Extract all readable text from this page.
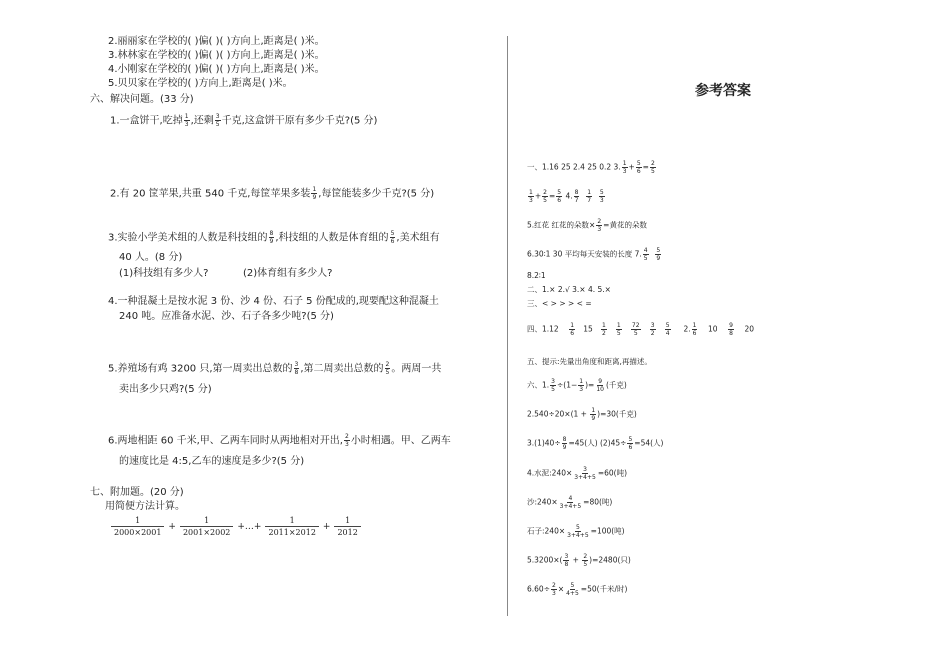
2.丽丽家在学校的( )偏( )( )方向上,距离是( )米。
3.林林家在学校的( )偏( )( )方向上,距离是( )米。
4.小刚家在学校的( )偏( )( )方向上,距离是( )米。
5.贝贝家在学校的( )方向上,距离是( )米。
六、解决问题。(33 分)
1.一盒饼干,吃掉 $\frac{1}{3}$ ,还剩 $\frac{3}{5}$ 千克,这盒饼干原有多少千克?(5 分)
2.有 20 筐苹果,共重 540 千克,每筐苹果多装 $\frac{1}{9}$ ,每筐能装多少千克?(5 分)
3.实验小学美术组的人数是科技组的 $\frac{8}{9}$ ,科技组的人数是体育组的 $\frac{5}{6}$ ,美术组有
40 人。(8 分)
(1)科技组有多少人?	(2)体育组有多少人?
4.一种混凝土是按水泥 3 份、沙 4 份、石子 5 份配成的,现要配这种混凝土
240 吨。应准备水泥、沙、石子各多少吨?(5 分)
5.养殖场有鸡 3200 只,第一周卖出总数的 $\frac{3}{8}$ ,第二周卖出总数的 $\frac{2}{5}$ 。两周一共
卖出多少只鸡?(5 分)
6.两地相距 60 千米,甲、乙两车同时从两地相对开出, $\frac{2}{3}$ 小时相遇。甲、乙两车
的速度比是 4:5,乙车的速度是多少?(5 分)
七、附加题。(20 分)
用简便方法计算。
$\frac{1}{2000\times 2001} + \frac{1}{2001\times 2002}$ +…+ $\frac{1}{2011\times 2012} + \frac{1}{2012}$
参考答案
一、1.16 25 2.4 25 0.2 3. $\frac{1}{3} + \frac{5}{6} = \frac{2}{5}$
$\frac{1}{3} + \frac{2}{5} = \frac{5}{6} 4$. $\frac{8}{7}$
$\frac{1}{7}$
$\frac{5}{3}$
5.红花 红花的朵数× $\frac{2}{3}$ =黄花的朵数
6.30∶1 30 平均每天安装的长度 7. $\frac{4}{5}$
$\frac{5}{9}$
8.2∶1
二、1.× 2.√ 3.× 4. 5.×
三、< > > > < =
四、$1.12 \frac{1}{6} 15 \frac{1}{2}$
$\frac{1}{5}$
$\frac{72}{5}$
$\frac{3}{2}$
$\frac{5}{4} 2$. $\frac{1}{6} 10 \frac{9}{8} 20$
五、提示:先量出角度和距离,再描述。
六、1. $\frac{3}{5} \div(1- \frac{1}{3}$ )= $\frac{9}{10}$ (千克)
$2.540\div 20\times(1 + \frac{1}{9} )=30$(千克)
$3.(1)40\div \frac{8}{9} =45$(人) $(2)45\div \frac{5}{6} =54$(人)
4.水泥:240× $\frac{3}{3+4+5} =60$(吨)
沙:240× $\frac{4}{3+4+5} =80$(吨)
石子:240× $\frac{5}{3+4+5} =100$(吨)
$5.3200\times( \frac{3}{8} + \frac{2}{5} )=2480$(只)
$6.60\div \frac{2}{3} \times \frac{5}{4+5} =50$(千米/时)
